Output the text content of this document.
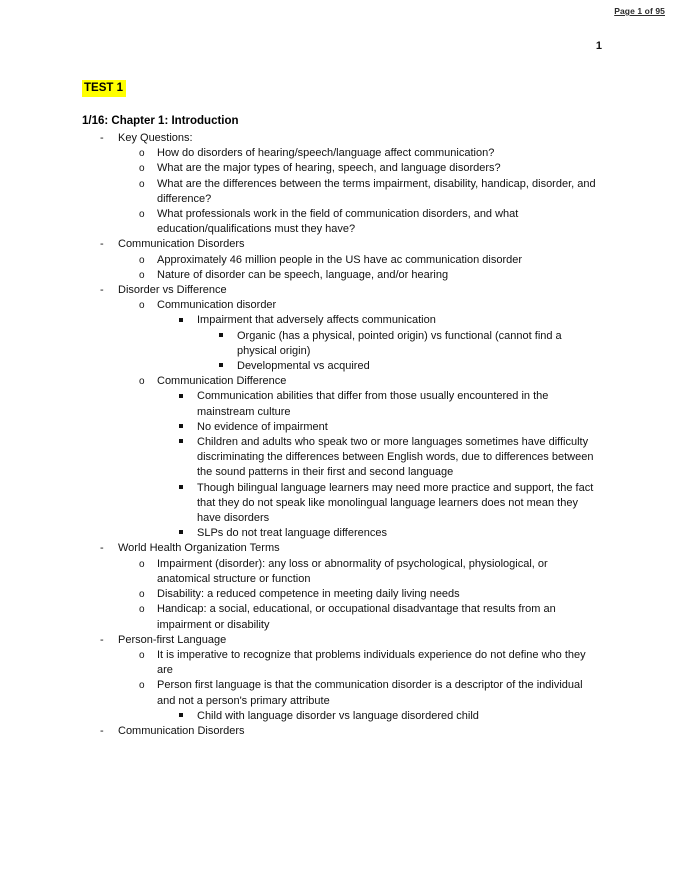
Page 1 of 95
1
TEST 1
1/16: Chapter 1: Introduction
-	Key Questions:
o	How do disorders of hearing/speech/language affect communication?
o	What are the major types of hearing, speech, and language disorders?
o	What are the differences between the terms impairment, disability, handicap, disorder, and difference?
o	What professionals work in the field of communication disorders, and what education/qualifications must they have?
-	Communication Disorders
o	Approximately 46 million people in the US have ac communication disorder
o	Nature of disorder can be speech, language, and/or hearing
-	Disorder vs Difference
o	Communication disorder
Impairment that adversely affects communication
Organic (has a physical, pointed origin) vs functional (cannot find a physical origin)
Developmental vs acquired
o	Communication Difference
Communication abilities that differ from those usually encountered in the mainstream culture
No evidence of impairment
Children and adults who speak two or more languages sometimes have difficulty discriminating the differences between English words, due to differences between the sound patterns in their first and second language
Though bilingual language learners may need more practice and support, the fact that they do not speak like monolingual language learners does not mean they have disorders
SLPs do not treat language differences
-	World Health Organization Terms
o	Impairment (disorder): any loss or abnormality of psychological, physiological, or anatomical structure or function
o	Disability: a reduced competence in meeting daily living needs
o	Handicap: a social, educational, or occupational disadvantage that results from an impairment or disability
-	Person-first Language
o	It is imperative to recognize that problems individuals experience do not define who they are
o	Person first language is that the communication disorder is a descriptor of the individual and not a person's primary attribute
Child with language disorder vs language disordered child
-	Communication Disorders
